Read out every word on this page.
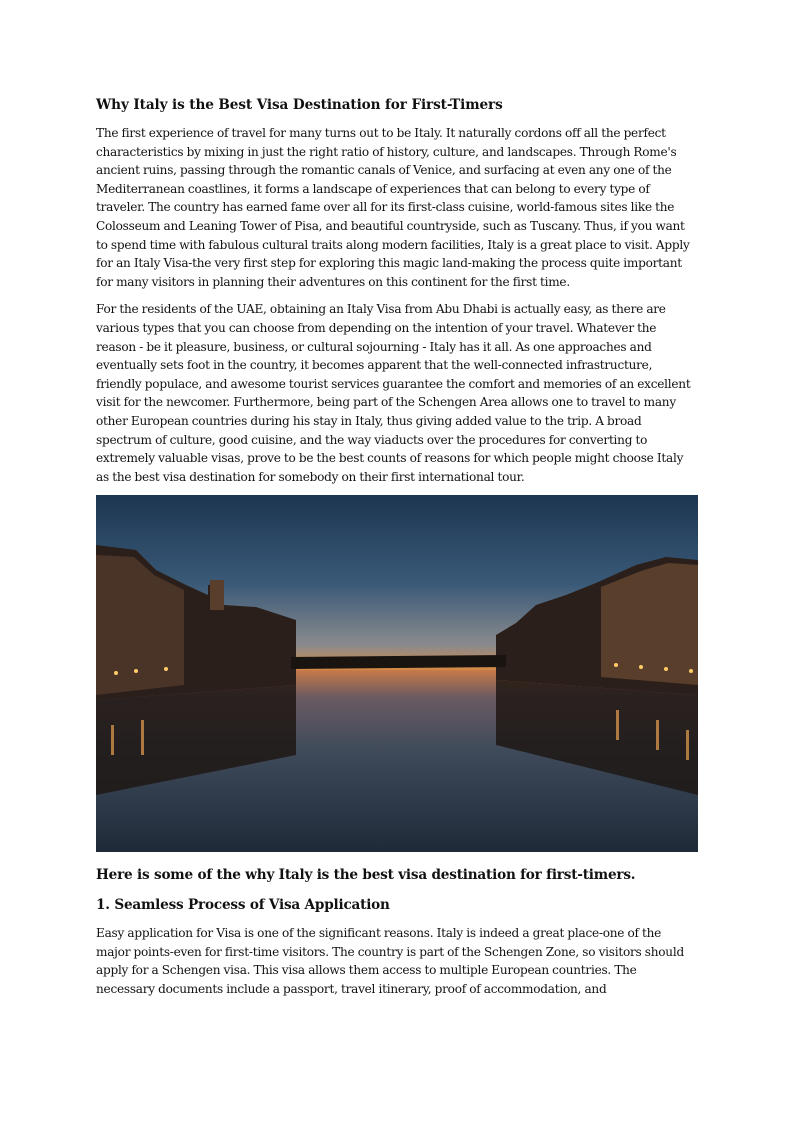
Why Italy is the Best Visa Destination for First-Timers

The first experience of travel for many turns out to be Italy. It naturally cordons off all the perfect characteristics by mixing in just the right ratio of history, culture, and landscapes. Through Rome's ancient ruins, passing through the romantic canals of Venice, and surfacing at even any one of the Mediterranean coastlines, it forms a landscape of experiences that can belong to every type of traveler. The country has earned fame over all for its first-class cuisine, world-famous sites like the Colosseum and Leaning Tower of Pisa, and beautiful countryside, such as Tuscany. Thus, if you want to spend time with fabulous cultural traits along modern facilities, Italy is a great place to visit. Apply for an Italy Visa-the very first step for exploring this magic land-making the process quite important for many visitors in planning their adventures on this continent for the first time.

For the residents of the UAE, obtaining an Italy Visa from Abu Dhabi is actually easy, as there are various types that you can choose from depending on the intention of your travel. Whatever the reason - be it pleasure, business, or cultural sojourning - Italy has it all. As one approaches and eventually sets foot in the country, it becomes apparent that the well-connected infrastructure, friendly populace, and awesome tourist services guarantee the comfort and memories of an excellent visit for the newcomer. Furthermore, being part of the Schengen Area allows one to travel to many other European countries during his stay in Italy, thus giving added value to the trip. A broad spectrum of culture, good cuisine, and the way viaducts over the procedures for converting to extremely valuable visas, prove to be the best counts of reasons for which people might choose Italy as the best visa destination for somebody on their first international tour.

Here is some of the why Italy is the best visa destination for first-timers.
1. Seamless Process of Visa Application

Easy application for Visa is one of the significant reasons. Italy is indeed a great place-one of the major points-even for first-time visitors. The country is part of the Schengen Zone, so visitors should apply for a Schengen visa. This visa allows them access to multiple European countries. The necessary documents include a passport, travel itinerary, proof of accommodation, and
